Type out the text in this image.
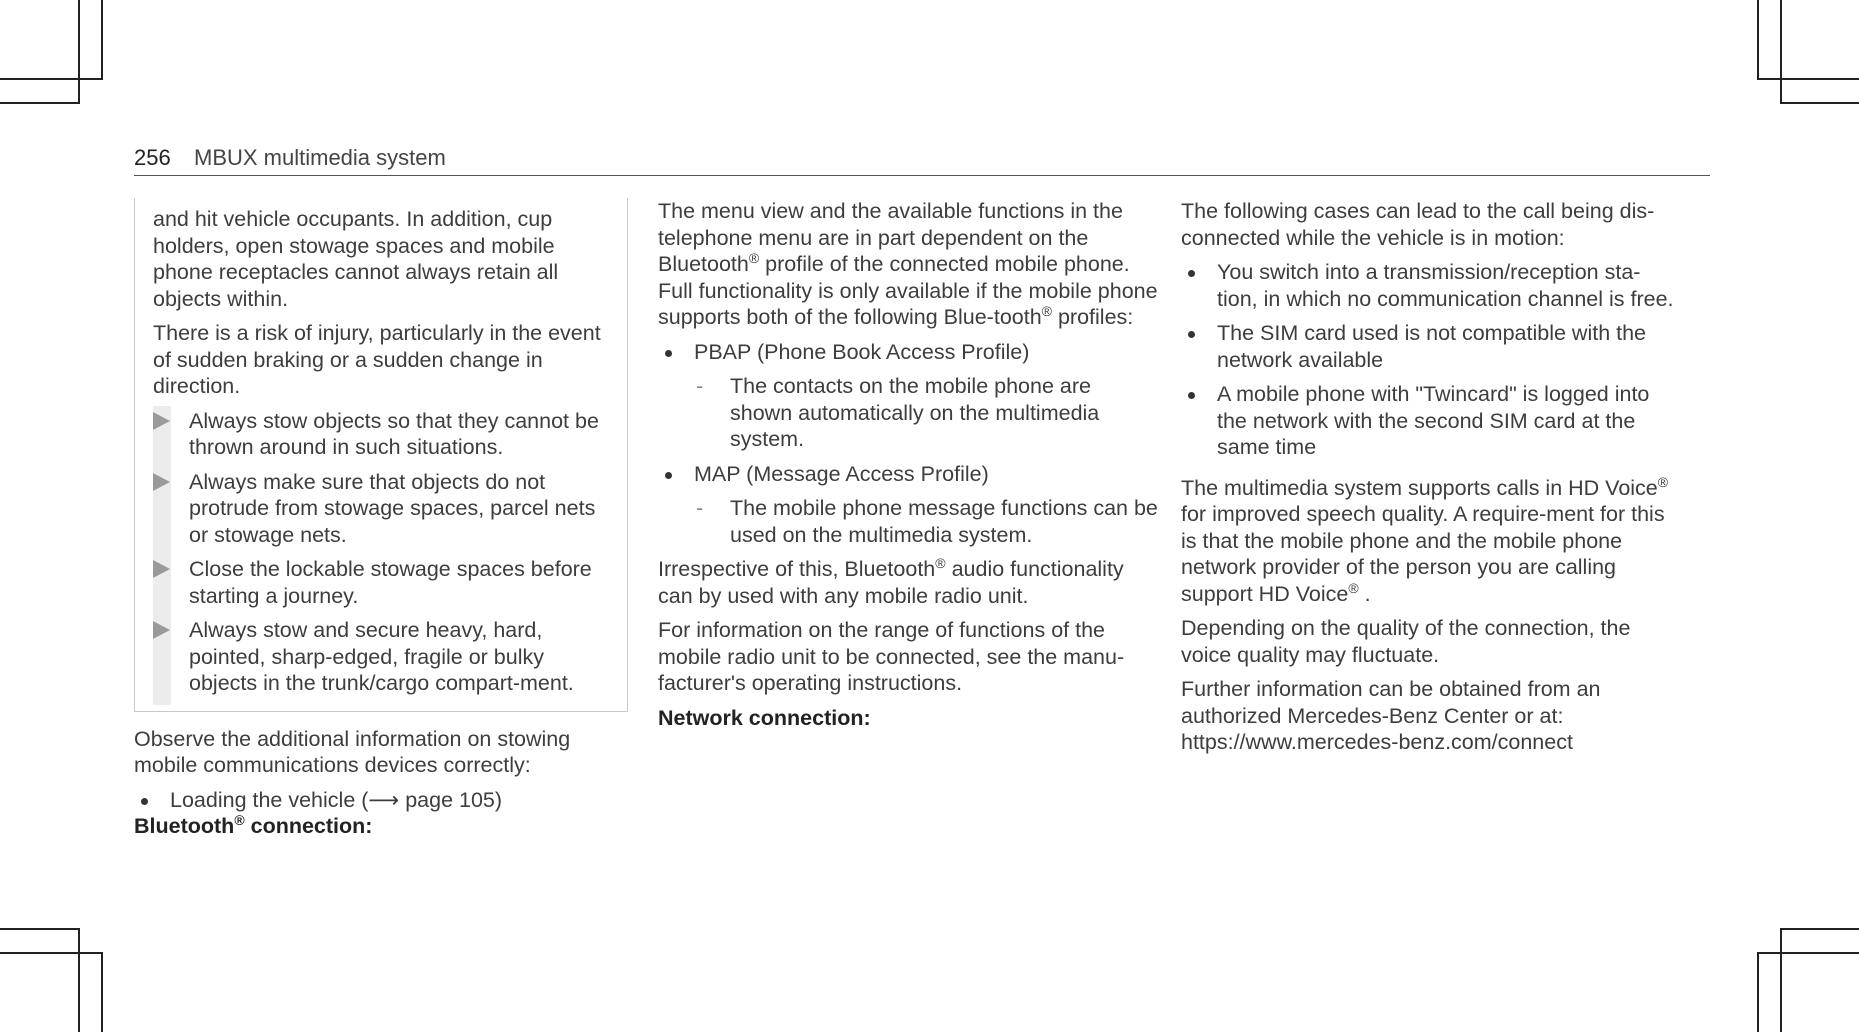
256 MBUX multimedia system

and hit vehicle occupants. In addition, cup holders, open stowage spaces and mobile phone receptacles cannot always retain all objects within.

There is a risk of injury, particularly in the event of sudden braking or a sudden change in direction.

Always stow objects so that they cannot be thrown around in such situations.
Always make sure that objects do not protrude from stowage spaces, parcel nets or stowage nets.
Close the lockable stowage spaces before starting a journey.
Always stow and secure heavy, hard, pointed, sharp-edged, fragile or bulky objects in the trunk/cargo compart-ment.

Observe the additional information on stowing mobile communications devices correctly:

Loading the vehicle (⟶ page 105)

Bluetooth® connection:

The menu view and the available functions in the telephone menu are in part dependent on the Bluetooth® profile of the connected mobile phone. Full functionality is only available if the mobile phone supports both of the following Blue-tooth® profiles:

PBAP (Phone Book Access Profile)
- The contacts on the mobile phone are shown automatically on the multimedia system.
MAP (Message Access Profile)
- The mobile phone message functions can be used on the multimedia system.

Irrespective of this, Bluetooth® audio functionality can by used with any mobile radio unit.

For information on the range of functions of the mobile radio unit to be connected, see the manu-facturer's operating instructions.

Network connection:

The following cases can lead to the call being dis-connected while the vehicle is in motion:

You switch into a transmission/reception sta-tion, in which no communication channel is free.
The SIM card used is not compatible with the network available
A mobile phone with "Twincard" is logged into the network with the second SIM card at the same time

The multimedia system supports calls in HD Voice® for improved speech quality. A require-ment for this is that the mobile phone and the mobile phone network provider of the person you are calling support HD Voice® .

Depending on the quality of the connection, the voice quality may fluctuate.

Further information can be obtained from an authorized Mercedes-Benz Center or at: https://www.mercedes-benz.com/connect
